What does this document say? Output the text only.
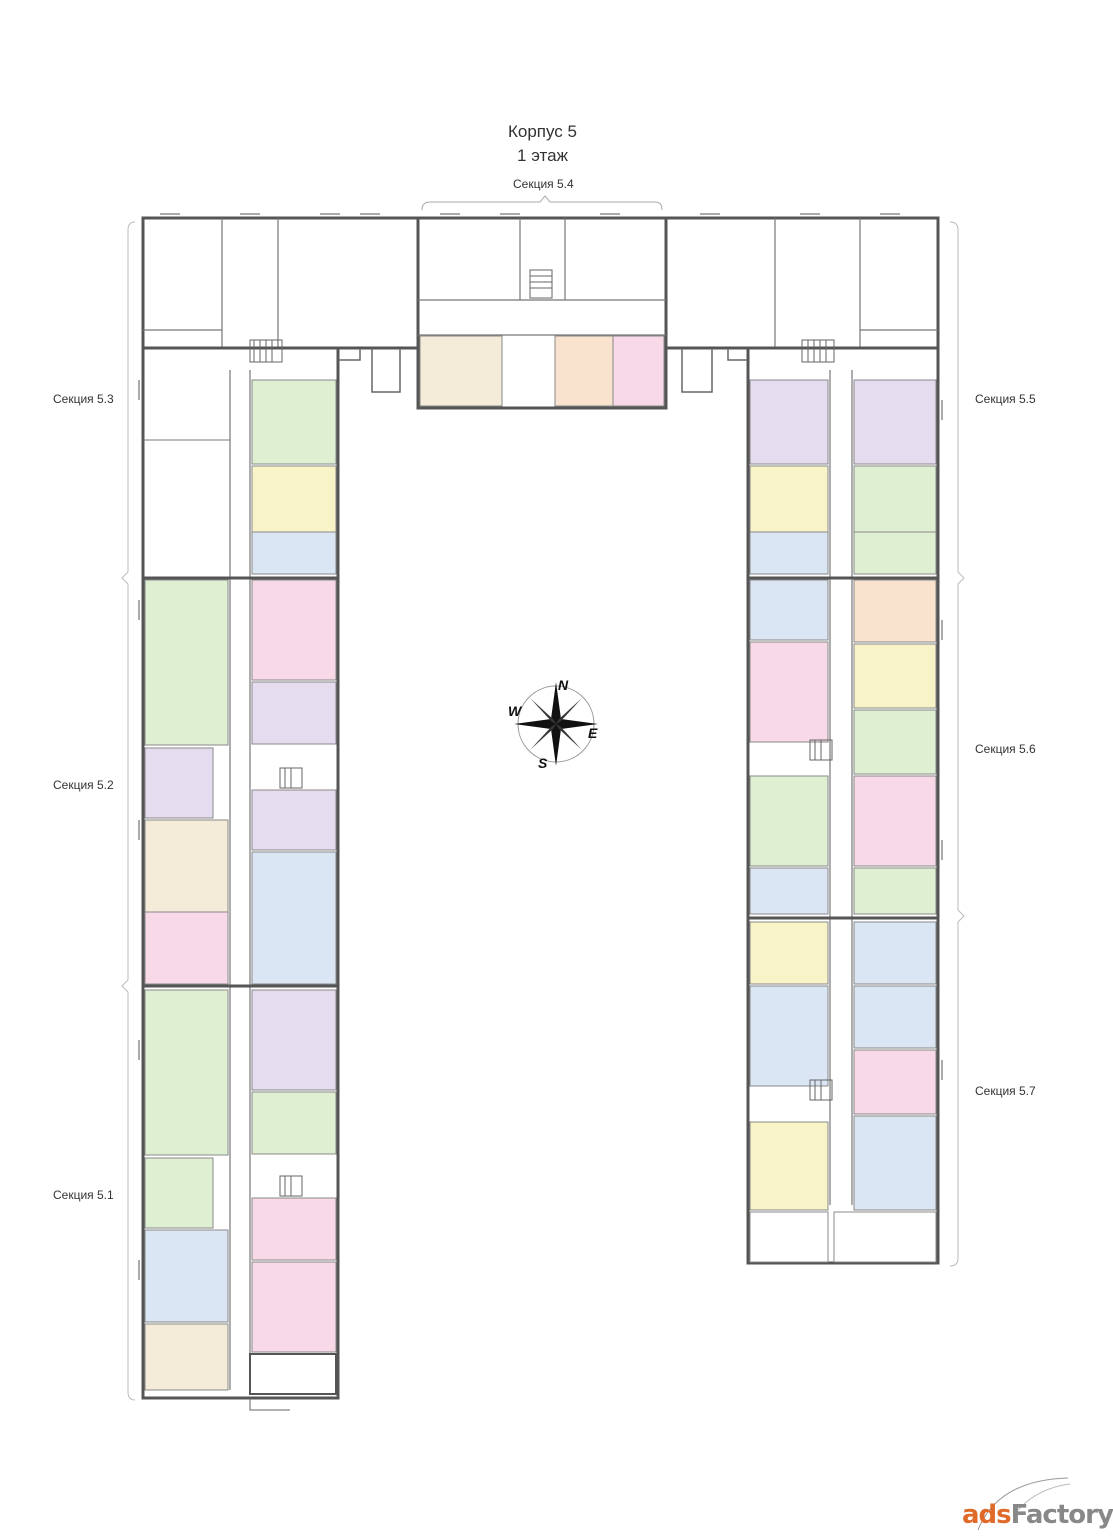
Корпус 5
1 этаж
Секция 5.4
Секция 5.3	Секция 5.5
Секция 5.2
Секция 5.6
Секция 5.7
Секция 5.1
N
E
S
W
adsFactory
